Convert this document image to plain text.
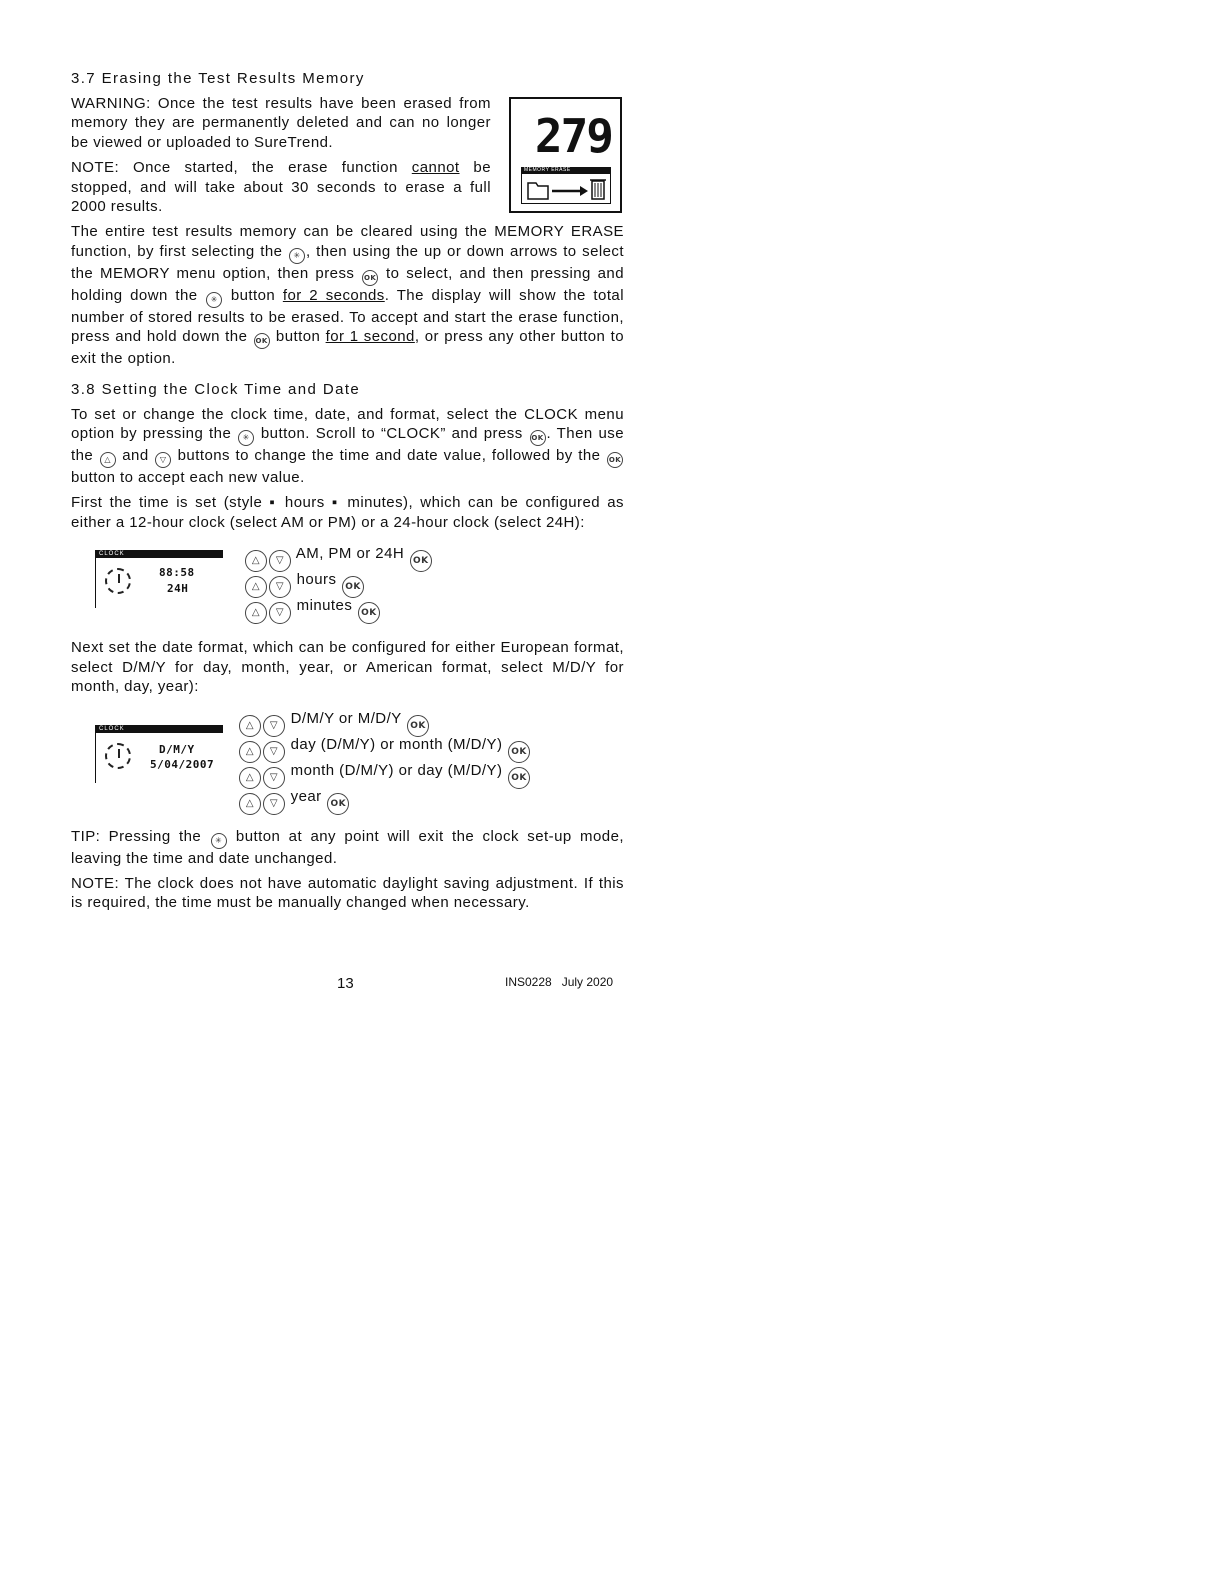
3.7 Erasing the Test Results Memory
279
MEMORY ERASE
WARNING: Once the test results have been erased from memory they are permanently deleted and can no longer be viewed or uploaded to SureTrend.
NOTE: Once started, the erase function cannot be stopped, and will take about 30 seconds to erase a full 2000 results.
The entire test results memory can be cleared using the MEMORY ERASE function, by first selecting the ✳ , then using the up or down arrows to select the MEMORY menu option, then press OK to select, and then pressing and holding down the ✳ button for 2 seconds. The display will show the total number of stored results to be erased. To accept and start the erase function, press and hold down the OK button for 1 second, or press any other button to exit the option.
3.8 Setting the Clock Time and Date
To set or change the clock time, date, and format, select the CLOCK menu option by pressing the ✳ button. Scroll to “CLOCK” and press OK . Then use the △ and ▽ buttons to change the time and date value, followed by the OK button to accept each new value.
First the time is set (style ▪ hours ▪ minutes), which can be configured as either a 12-hour clock (select AM or PM) or a 24-hour clock (select 24H):
CLOCK
88:58
24H
△ ▽ AM, PM or 24H OK
△ ▽ hours OK
△ ▽ minutes OK
Next set the date format, which can be configured for either European format, select D/M/Y for day, month, year, or American format, select M/D/Y for month, day, year):
CLOCK
D/M/Y
5/04/2007
△ ▽ D/M/Y or M/D/Y OK
△ ▽ day (D/M/Y) or month (M/D/Y) OK
△ ▽ month (D/M/Y) or day (M/D/Y) OK
△ ▽ year OK
TIP: Pressing the ✳ button at any point will exit the clock set-up mode, leaving the time and date unchanged.
NOTE: The clock does not have automatic daylight saving adjustment. If this is required, the time must be manually changed when necessary.
13	INS0228   July 2020
